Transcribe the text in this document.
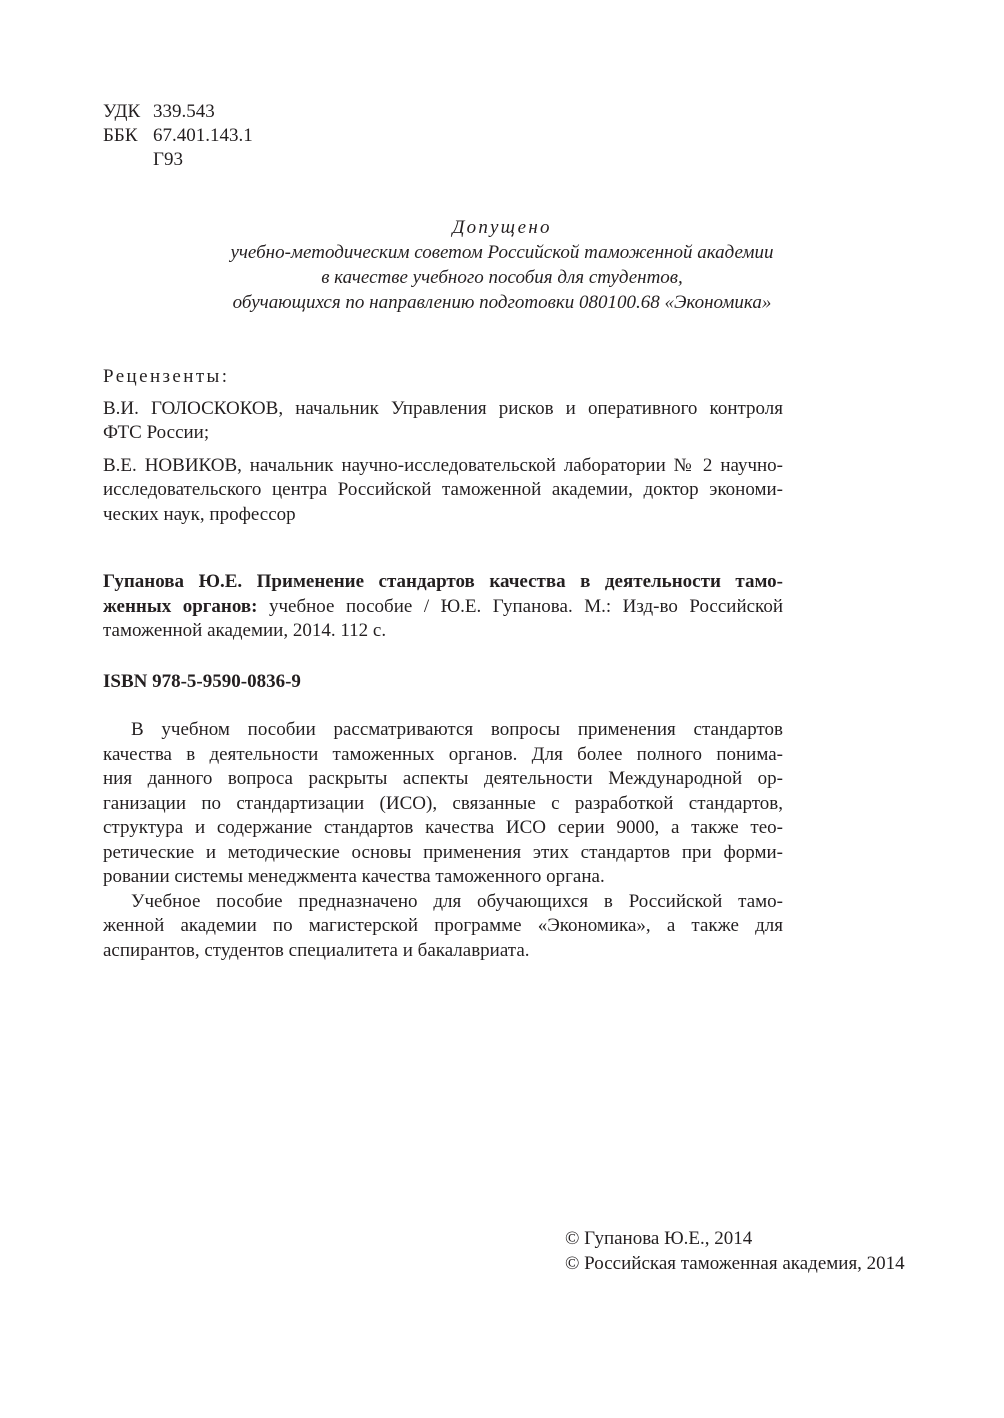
УДК 339.543
ББК 67.401.143.1
Г93
Допущено
учебно-методическим советом Российской таможенной академии
в качестве учебного пособия для студентов,
обучающихся по направлению подготовки 080100.68 «Экономика»
Рецензенты:
В.И. ГОЛОСКОКОВ, начальник Управления рисков и оперативного контроля
ФТС России;
В.Е. НОВИКОВ, начальник научно-исследовательской лаборатории № 2 научно-
исследовательского центра Российской таможенной академии, доктор экономи-
ческих наук, профессор
Гупанова Ю.Е. Применение стандартов качества в деятельности тамо-
женных органов: учебное пособие / Ю.Е. Гупанова. М.: Изд-во Российской
таможенной академии, 2014. 112 с.
ISBN 978-5-9590-0836-9
В учебном пособии рассматриваются вопросы применения стандартов
качества в деятельности таможенных органов. Для более полного понима-
ния данного вопроса раскрыты аспекты деятельности Международной ор-
ганизации по стандартизации (ИСО), связанные с разработкой стандартов,
структура и содержание стандартов качества ИСО серии 9000, а также тео-
ретические и методические основы применения этих стандартов при форми-
ровании системы менеджмента качества таможенного органа.
Учебное пособие предназначено для обучающихся в Российской тамо-
женной академии по магистерской программе «Экономика», а также для
аспирантов, студентов специалитета и бакалавриата.
© Гупанова Ю.Е., 2014
© Российская таможенная академия, 2014
